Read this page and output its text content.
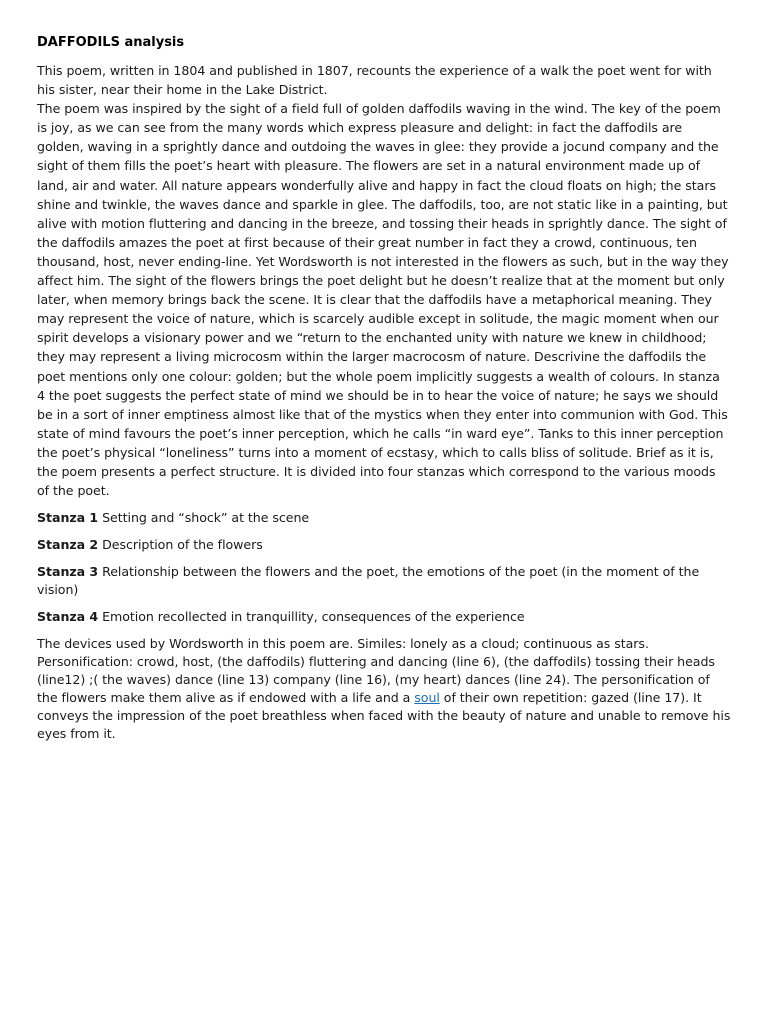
DAFFODILS analysis

This poem, written in 1804 and published in 1807, recounts the experience of a walk the poet went for with his sister, near their home in the Lake District.

The poem was inspired by the sight of a field full of golden daffodils waving in the wind. The key of the poem is joy, as we can see from the many words which express pleasure and delight: in fact the daffodils are golden, waving in a sprightly dance and outdoing the waves in glee: they provide a jocund company and the sight of them fills the poet’s heart with pleasure. The flowers are set in a natural environment made up of land, air and water. All nature appears wonderfully alive and happy in fact the cloud floats on high; the stars shine and twinkle, the waves dance and sparkle in glee. The daffodils, too, are not static like in a painting, but alive with motion fluttering and dancing in the breeze, and tossing their heads in sprightly dance. The sight of the daffodils amazes the poet at first because of their great number in fact they a crowd, continuous, ten thousand, host, never ending-line. Yet Wordsworth is not interested in the flowers as such, but in the way they affect him. The sight of the flowers brings the poet delight but he doesn’t realize that at the moment but only later, when memory brings back the scene. It is clear that the daffodils have a metaphorical meaning. They may represent the voice of nature, which is scarcely audible except in solitude, the magic moment when our spirit develops a visionary power and we “return to the enchanted unity with nature we knew in childhood; they may represent a living microcosm within the larger macrocosm of nature. Descrivine the daffodils the poet mentions only one colour: golden; but the whole poem implicitly suggests a wealth of colours. In stanza 4 the poet suggests the perfect state of mind we should be in to hear the voice of nature; he says we should be in a sort of inner emptiness almost like that of the mystics when they enter into communion with God. This state of mind favours the poet’s inner perception, which he calls “in ward eye”. Tanks to this inner perception the poet’s physical “loneliness” turns into a moment of ecstasy, which to calls bliss of solitude. Brief as it is, the poem presents a perfect structure. It is divided into four stanzas which correspond to the various moods of the poet.

Stanza 1 Setting and “shock” at the scene

Stanza 2 Description of the flowers

Stanza 3 Relationship between the flowers and the poet, the emotions of the poet (in the moment of the vision)

Stanza 4 Emotion recollected in tranquillity, consequences of the experience

The devices used by Wordsworth in this poem are. Similes: lonely as a cloud; continuous as stars. Personification: crowd, host, (the daffodils) fluttering and dancing (line 6), (the daffodils) tossing their heads (line12) ;( the waves) dance (line 13) company (line 16), (my heart) dances (line 24). The personification of the flowers make them alive as if endowed with a life and a soul of their own repetition: gazed (line 17). It conveys the impression of the poet breathless when faced with the beauty of nature and unable to remove his eyes from it.
